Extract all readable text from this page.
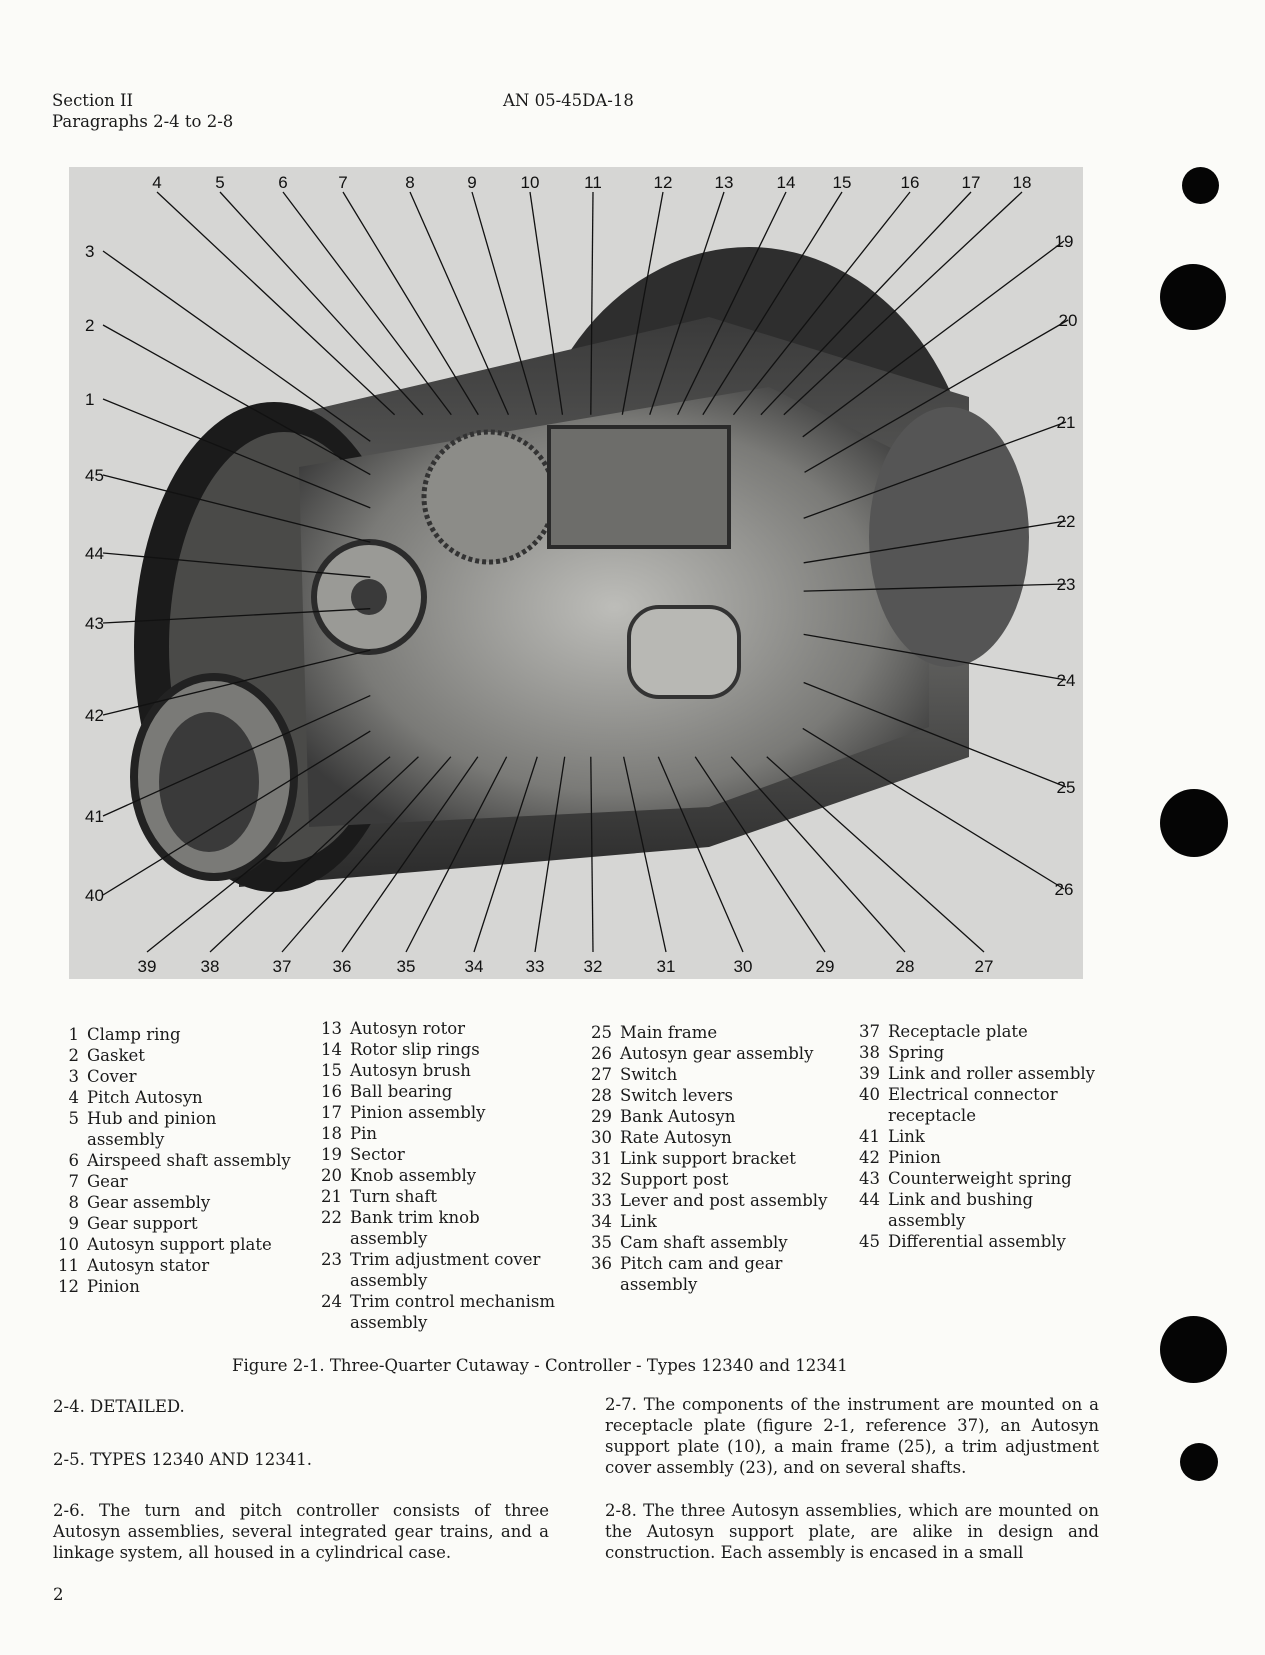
Section II
Paragraphs 2-4 to 2-8
AN 05-45DA-18
1
2
3
4	5	6	7	8	9	10	11	12 13	14 15	16 17 18
19
20
21
22
23
24
25
26
27
28
29
30
31
32
33
34
35
36
37
38
39
40
41
42
43
44
45
1 Clamp ring
2 Gasket
3 Cover
4 Pitch Autosyn
5 Hub and pinion assembly
6 Airspeed shaft assembly
7 Gear
8 Gear assembly
9 Gear support
10 Autosyn support plate
11 Autosyn stator
12 Pinion
13 Autosyn rotor
14 Rotor slip rings
15 Autosyn brush
16 Ball bearing
17 Pinion assembly
18 Pin
19 Sector
20 Knob assembly
21 Turn shaft
22 Bank trim knob assembly
23 Trim adjustment cover assembly
24 Trim control mechanism assembly
25 Main frame
26 Autosyn gear assembly
27 Switch
28 Switch levers
29 Bank Autosyn
30 Rate Autosyn
31 Link support bracket
32 Support post
33 Lever and post assembly
34 Link
35 Cam shaft assembly
36 Pitch cam and gear assembly
37 Receptacle plate
38 Spring
39 Link and roller assembly
40 Electrical connector receptacle
41 Link
42 Pinion
43 Counterweight spring
44 Link and bushing assembly
45 Differential assembly
Figure 2-1. Three-Quarter Cutaway - Controller - Types 12340 and 12341
2-4. DETAILED.
2-5. TYPES 12340 AND 12341.
2-6. The turn and pitch controller consists of three Autosyn assemblies, several integrated gear trains, and a linkage system, all housed in a cylindrical case.
2-7. The components of the instrument are mounted on a receptacle plate (figure 2-1, reference 37), an Autosyn support plate (10), a main frame (25), a trim adjustment cover assembly (23), and on several shafts.
2-8. The three Autosyn assemblies, which are mounted on the Autosyn support plate, are alike in design and construction. Each assembly is encased in a small
2
